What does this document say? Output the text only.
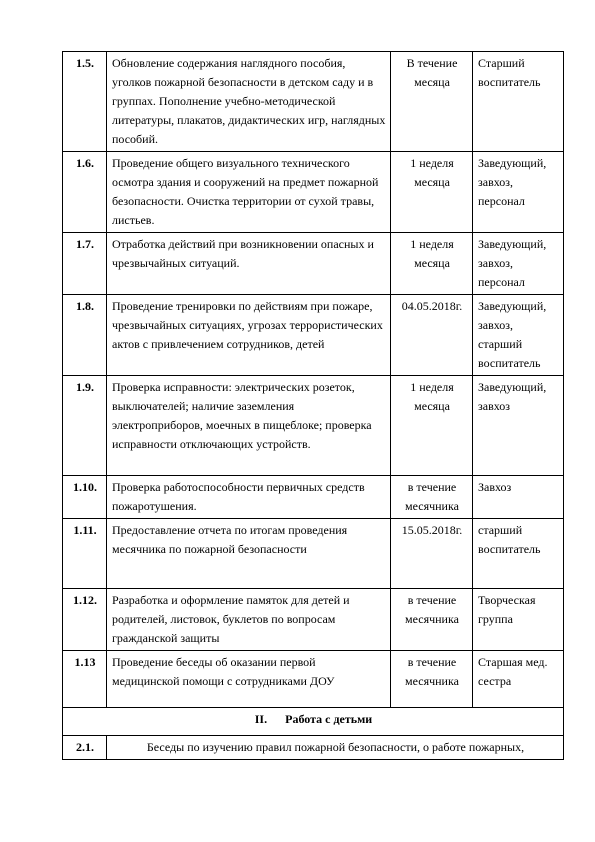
1.5.	Обновление содержания наглядного пособия, уголков пожарной безопасности в детском саду и в группах. Пополнение учебно-методической литературы, плакатов, дидактических игр, наглядных пособий.	В течение месяца	Старший воспитатель
1.6.	Проведение общего визуального технического осмотра здания и сооружений на предмет пожарной безопасности. Очистка территории от сухой травы, листьев.	1 неделя месяца	Заведующий, завхоз, персонал
1.7.	Отработка действий при возникновении опасных и чрезвычайных ситуаций.	1 неделя месяца	Заведующий, завхоз, персонал
1.8.	Проведение тренировки по действиям при пожаре, чрезвычайных ситуациях, угрозах террористических актов с привлечением сотрудников, детей	04.05.2018г.	Заведующий, завхоз, старший воспитатель
1.9.	Проверка исправности: электрических розеток, выключателей; наличие заземления электроприборов, моечных в пищеблоке; проверка исправности отключающих устройств.	1 неделя месяца	Заведующий, завхоз
1.10.	Проверка работоспособности первичных средств пожаротушения.	в течение месячника	Завхоз
1.11.	Предоставление отчета по итогам проведения месячника по пожарной безопасности	15.05.2018г.	старший воспитатель
1.12.	Разработка и оформление памяток для детей и родителей, листовок, буклетов по вопросам гражданской защиты	в течение месячника	Творческая группа
1.13	Проведение беседы об оказании первой медицинской помощи с сотрудниками ДОУ	в течение месячника	Старшая мед. сестра
II. Работа с детьми			
2.1.	Беседы по изучению правил пожарной безопасности, о работе пожарных,		
